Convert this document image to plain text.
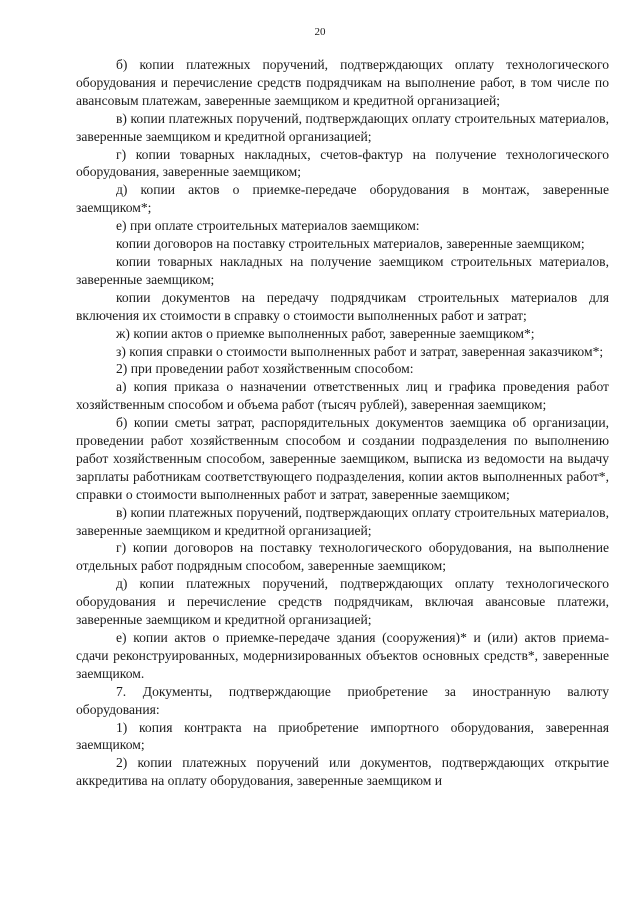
20

б) копии платежных поручений, подтверждающих оплату технологического оборудования и перечисление средств подрядчикам на выполнение работ, в том числе по авансовым платежам, заверенные заемщиком и кредитной организацией;

в) копии платежных поручений, подтверждающих оплату строительных материалов, заверенные заемщиком и кредитной организацией;

г) копии товарных накладных, счетов-фактур на получение технологического оборудования, заверенные заемщиком;

д) копии актов о приемке-передаче оборудования в монтаж, заверенные заемщиком*;

е) при оплате строительных материалов заемщиком:

копии договоров на поставку строительных материалов, заверенные заемщиком;

копии товарных накладных на получение заемщиком строительных материалов, заверенные заемщиком;

копии документов на передачу подрядчикам строительных материалов для включения их стоимости в справку о стоимости выполненных работ и затрат;

ж) копии актов о приемке выполненных работ, заверенные заемщиком*;

з) копия справки о стоимости выполненных работ и затрат, заверенная заказчиком*;

2) при проведении работ хозяйственным способом:

а) копия приказа о назначении ответственных лиц и графика проведения работ хозяйственным способом и объема работ (тысяч рублей), заверенная заемщиком;

б) копии сметы затрат, распорядительных документов заемщика об организации, проведении работ хозяйственным способом и создании подразделения по выполнению работ хозяйственным способом, заверенные заемщиком, выписка из ведомости на выдачу зарплаты работникам соответствующего подразделения, копии актов выполненных работ*, справки о стоимости выполненных работ и затрат, заверенные заемщиком;

в) копии платежных поручений, подтверждающих оплату строительных материалов, заверенные заемщиком и кредитной организацией;

г) копии договоров на поставку технологического оборудования, на выполнение отдельных работ подрядным способом, заверенные заемщиком;

д) копии платежных поручений, подтверждающих оплату технологического оборудования и перечисление средств подрядчикам, включая авансовые платежи, заверенные заемщиком и кредитной организацией;

е) копии актов о приемке-передаче здания (сооружения)* и (или) актов приема-сдачи реконструированных, модернизированных объектов основных средств*, заверенные заемщиком.

7. Документы, подтверждающие приобретение за иностранную валюту оборудования:

1) копия контракта на приобретение импортного оборудования, заверенная заемщиком;

2) копии платежных поручений или документов, подтверждающих открытие аккредитива на оплату оборудования, заверенные заемщиком и
